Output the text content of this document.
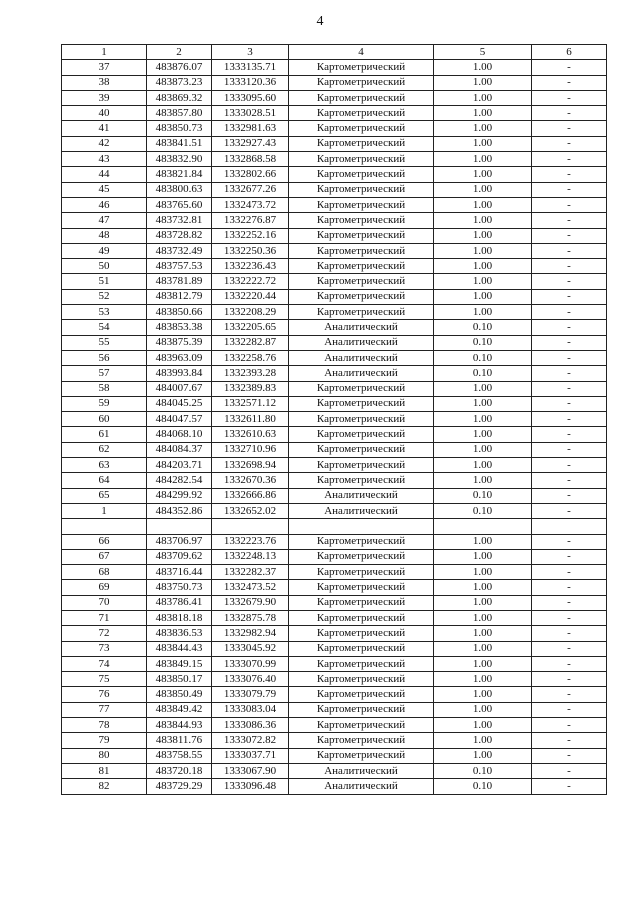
4
1	2	3	4	5	6
37	483876.07	1333135.71	Картометрический	1.00	-
38	483873.23	1333120.36	Картометрический	1.00	-
39	483869.32	1333095.60	Картометрический	1.00	-
40	483857.80	1333028.51	Картометрический	1.00	-
41	483850.73	1332981.63	Картометрический	1.00	-
42	483841.51	1332927.43	Картометрический	1.00	-
43	483832.90	1332868.58	Картометрический	1.00	-
44	483821.84	1332802.66	Картометрический	1.00	-
45	483800.63	1332677.26	Картометрический	1.00	-
46	483765.60	1332473.72	Картометрический	1.00	-
47	483732.81	1332276.87	Картометрический	1.00	-
48	483728.82	1332252.16	Картометрический	1.00	-
49	483732.49	1332250.36	Картометрический	1.00	-
50	483757.53	1332236.43	Картометрический	1.00	-
51	483781.89	1332222.72	Картометрический	1.00	-
52	483812.79	1332220.44	Картометрический	1.00	-
53	483850.66	1332208.29	Картометрический	1.00	-
54	483853.38	1332205.65	Аналитический	0.10	-
55	483875.39	1332282.87	Аналитический	0.10	-
56	483963.09	1332258.76	Аналитический	0.10	-
57	483993.84	1332393.28	Аналитический	0.10	-
58	484007.67	1332389.83	Картометрический	1.00	-
59	484045.25	1332571.12	Картометрический	1.00	-
60	484047.57	1332611.80	Картометрический	1.00	-
61	484068.10	1332610.63	Картометрический	1.00	-
62	484084.37	1332710.96	Картометрический	1.00	-
63	484203.71	1332698.94	Картометрический	1.00	-
64	484282.54	1332670.36	Картометрический	1.00	-
65	484299.92	1332666.86	Аналитический	0.10	-
1	484352.86	1332652.02	Аналитический	0.10	-

66	483706.97	1332223.76	Картометрический	1.00	-
67	483709.62	1332248.13	Картометрический	1.00	-
68	483716.44	1332282.37	Картометрический	1.00	-
69	483750.73	1332473.52	Картометрический	1.00	-
70	483786.41	1332679.90	Картометрический	1.00	-
71	483818.18	1332875.78	Картометрический	1.00	-
72	483836.53	1332982.94	Картометрический	1.00	-
73	483844.43	1333045.92	Картометрический	1.00	-
74	483849.15	1333070.99	Картометрический	1.00	-
75	483850.17	1333076.40	Картометрический	1.00	-
76	483850.49	1333079.79	Картометрический	1.00	-
77	483849.42	1333083.04	Картометрический	1.00	-
78	483844.93	1333086.36	Картометрический	1.00	-
79	483811.76	1333072.82	Картометрический	1.00	-
80	483758.55	1333037.71	Картометрический	1.00	-
81	483720.18	1333067.90	Аналитический	0.10	-
82	483729.29	1333096.48	Аналитический	0.10	-
